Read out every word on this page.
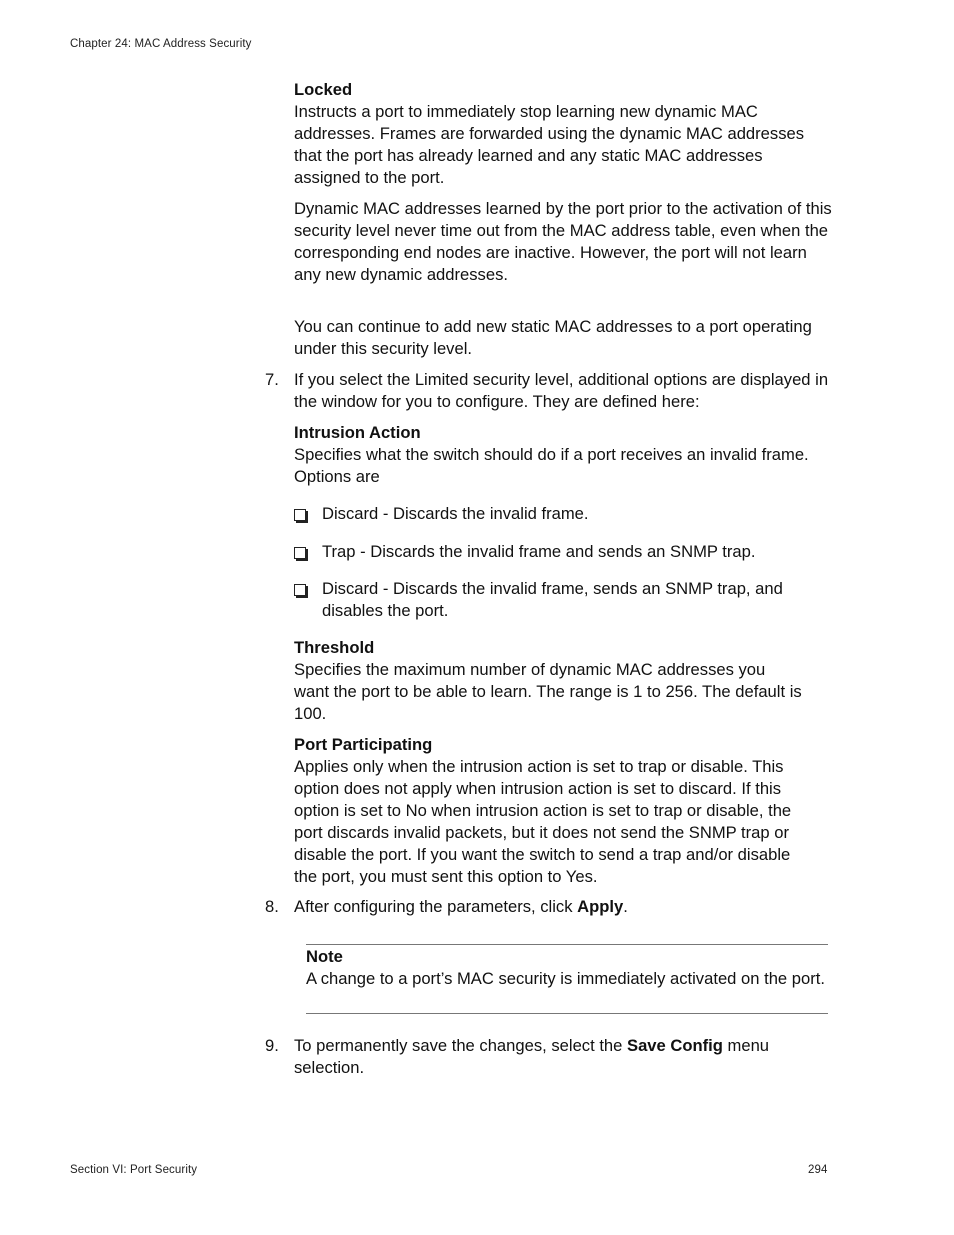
Chapter 24: MAC Address Security
Locked

Instructs a port to immediately stop learning new dynamic MAC addresses. Frames are forwarded using the dynamic MAC addresses that the port has already learned and any static MAC addresses assigned to the port.

Dynamic MAC addresses learned by the port prior to the activation of this security level never time out from the MAC address table, even when the corresponding end nodes are inactive. However, the port will not learn any new dynamic addresses.
You can continue to add new static MAC addresses to a port operating under this security level.
7. If you select the Limited security level, additional options are displayed in the window for you to configure. They are defined here:
Intrusion Action

Specifies what the switch should do if a port receives an invalid frame. Options are

Discard - Discards the invalid frame.
Trap - Discards the invalid frame and sends an SNMP trap.
Discard - Discards the invalid frame, sends an SNMP trap, and disables the port.
Threshold

Specifies the maximum number of dynamic MAC addresses you want the port to be able to learn. The range is 1 to 256. The default is 100.

Port Participating

Applies only when the intrusion action is set to trap or disable. This option does not apply when intrusion action is set to discard. If this option is set to No when intrusion action is set to trap or disable, the port discards invalid packets, but it does not send the SNMP trap or disable the port. If you want the switch to send a trap and/or disable the port, you must sent this option to Yes.

8. After configuring the parameters, click Apply.
Note

A change to a port’s MAC security is immediately activated on the port.

9. To permanently save the changes, select the Save Config menu selection.
Section VI: Port Security	294
